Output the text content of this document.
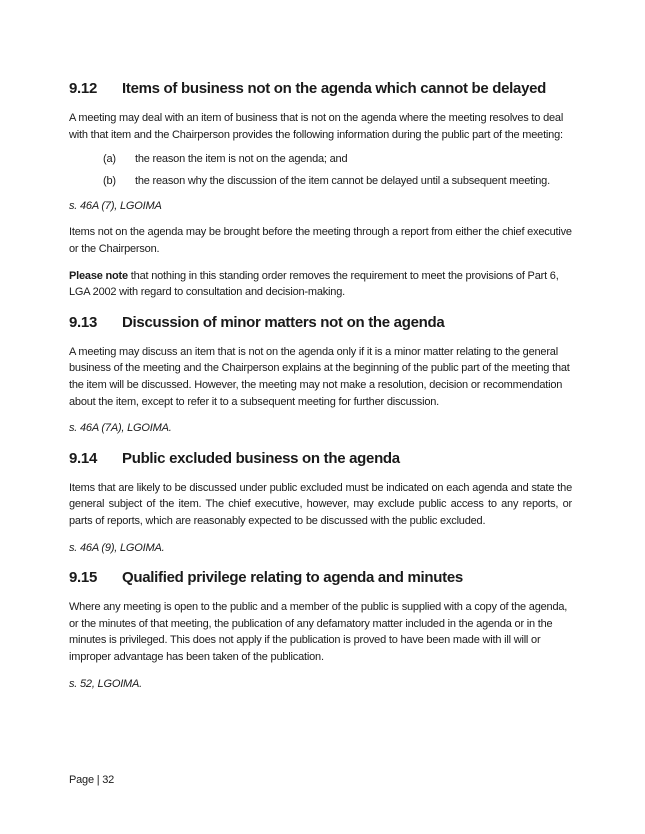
9.12	Items of business not on the agenda which cannot be delayed

A meeting may deal with an item of business that is not on the agenda where the meeting resolves to deal with that item and the Chairperson provides the following information during the public part of the meeting:

(a)	the reason the item is not on the agenda; and
(b)	the reason why the discussion of the item cannot be delayed until a subsequent meeting.

s. 46A (7), LGOIMA

Items not on the agenda may be brought before the meeting through a report from either the chief executive or the Chairperson.

Please note that nothing in this standing order removes the requirement to meet the provisions of Part 6, LGA 2002 with regard to consultation and decision-making.

9.13	Discussion of minor matters not on the agenda

A meeting may discuss an item that is not on the agenda only if it is a minor matter relating to the general business of the meeting and the Chairperson explains at the beginning of the public part of the meeting that the item will be discussed. However, the meeting may not make a resolution, decision or recommendation about the item, except to refer it to a subsequent meeting for further discussion.

s. 46A (7A), LGOIMA.

9.14	Public excluded business on the agenda

Items that are likely to be discussed under public excluded must be indicated on each agenda and state the general subject of the item. The chief executive, however, may exclude public access to any reports, or parts of reports, which are reasonably expected to be discussed with the public excluded.

s. 46A (9), LGOIMA.

9.15	Qualified privilege relating to agenda and minutes

Where any meeting is open to the public and a member of the public is supplied with a copy of the agenda, or the minutes of that meeting, the publication of any defamatory matter included in the agenda or in the minutes is privileged. This does not apply if the publication is proved to have been made with ill will or improper advantage has been taken of the publication.

s. 52, LGOIMA.

Page | 32
